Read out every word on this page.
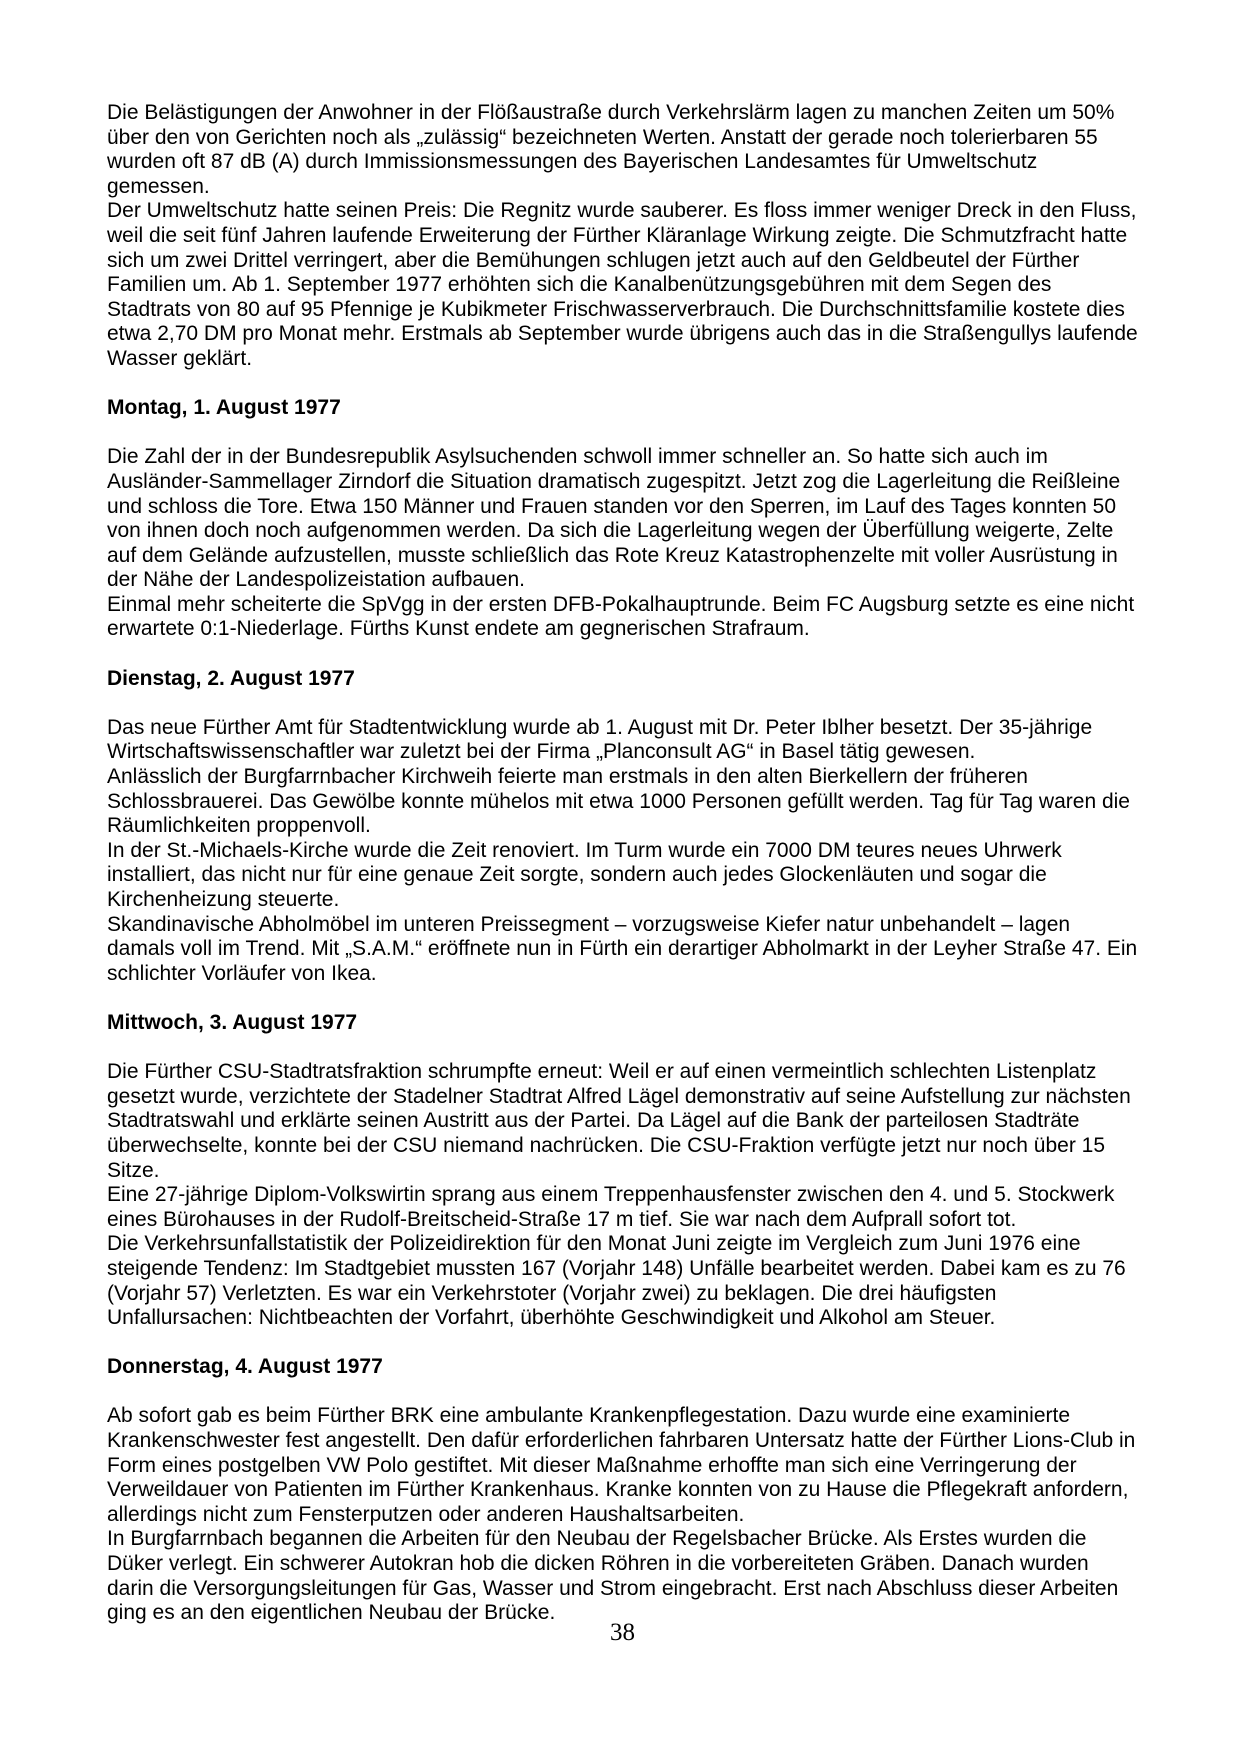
Die Belästigungen der Anwohner in der Flößaustraße durch Verkehrslärm lagen zu manchen Zeiten um 50% über den von Gerichten noch als „zulässig“ bezeichneten Werten. Anstatt der gerade noch tolerierbaren 55 wurden oft 87 dB (A) durch Immissionsmessungen des Bayerischen Landesamtes für Umweltschutz gemessen.
Der Umweltschutz hatte seinen Preis: Die Regnitz wurde sauberer. Es floss immer weniger Dreck in den Fluss, weil die seit fünf Jahren laufende Erweiterung der Fürther Kläranlage Wirkung zeigte. Die Schmutzfracht hatte sich um zwei Drittel verringert, aber die Bemühungen schlugen jetzt auch auf den Geldbeutel der Fürther Familien um. Ab 1. September 1977 erhöhten sich die Kanalbenützungsgebühren mit dem Segen des Stadtrats von 80 auf 95 Pfennige je Kubikmeter Frischwasserverbrauch. Die Durchschnittsfamilie kostete dies etwa 2,70 DM pro Monat mehr. Erstmals ab September wurde übrigens auch das in die Straßengullys laufende Wasser geklärt.
Montag, 1. August 1977
Die Zahl der in der Bundesrepublik Asylsuchenden schwoll immer schneller an. So hatte sich auch im Ausländer-Sammellager Zirndorf die Situation dramatisch zugespitzt. Jetzt zog die Lagerleitung die Reißleine und schloss die Tore. Etwa 150 Männer und Frauen standen vor den Sperren, im Lauf des Tages konnten 50 von ihnen doch noch aufgenommen werden. Da sich die Lagerleitung wegen der Überfüllung weigerte, Zelte auf dem Gelände aufzustellen, musste schließlich das Rote Kreuz Katastrophenzelte mit voller Ausrüstung in der Nähe der Landespolizeistation aufbauen.
Einmal mehr scheiterte die SpVgg in der ersten DFB-Pokalhauptrunde. Beim FC Augsburg setzte es eine nicht erwartete 0:1-Niederlage. Fürths Kunst endete am gegnerischen Strafraum.
Dienstag, 2. August 1977
Das neue Fürther Amt für Stadtentwicklung wurde ab 1. August mit Dr. Peter Iblher besetzt. Der 35-jährige Wirtschaftswissenschaftler war zuletzt bei der Firma „Planconsult AG“ in Basel tätig gewesen.
Anlässlich der Burgfarrnbacher Kirchweih feierte man erstmals in den alten Bierkellern der früheren Schlossbrauerei. Das Gewölbe konnte mühelos mit etwa 1000 Personen gefüllt werden. Tag für Tag waren die Räumlichkeiten proppenvoll.
In der St.-Michaels-Kirche wurde die Zeit renoviert. Im Turm wurde ein 7000 DM teures neues Uhrwerk installiert, das nicht nur für eine genaue Zeit sorgte, sondern auch jedes Glockenläuten und sogar die Kirchenheizung steuerte.
Skandinavische Abholmöbel im unteren Preissegment – vorzugsweise Kiefer natur unbehandelt – lagen damals voll im Trend. Mit „S.A.M.“ eröffnete nun in Fürth ein derartiger Abholmarkt in der Leyher Straße 47. Ein schlichter Vorläufer von Ikea.
Mittwoch, 3. August 1977
Die Fürther CSU-Stadtratsfraktion schrumpfte erneut: Weil er auf einen vermeintlich schlechten Listenplatz gesetzt wurde, verzichtete der Stadelner Stadtrat Alfred Lägel demonstrativ auf seine Aufstellung zur nächsten Stadtratswahl und erklärte seinen Austritt aus der Partei. Da Lägel auf die Bank der parteilosen Stadträte überwechselte, konnte bei der CSU niemand nachrücken. Die CSU-Fraktion verfügte jetzt nur noch über 15 Sitze.
Eine 27-jährige Diplom-Volkswirtin sprang aus einem Treppenhausfenster zwischen den 4. und 5. Stockwerk eines Bürohauses in der Rudolf-Breitscheid-Straße 17 m tief. Sie war nach dem Aufprall sofort tot.
Die Verkehrsunfallstatistik der Polizeidirektion für den Monat Juni zeigte im Vergleich zum Juni 1976 eine steigende Tendenz: Im Stadtgebiet mussten 167 (Vorjahr 148) Unfälle bearbeitet werden. Dabei kam es zu 76 (Vorjahr 57) Verletzten. Es war ein Verkehrstoter (Vorjahr zwei) zu beklagen. Die drei häufigsten Unfallursachen: Nichtbeachten der Vorfahrt, überhöhte Geschwindigkeit und Alkohol am Steuer.
Donnerstag, 4. August 1977
Ab sofort gab es beim Fürther BRK eine ambulante Krankenpflegestation. Dazu wurde eine examinierte Krankenschwester fest angestellt. Den dafür erforderlichen fahrbaren Untersatz hatte der Fürther Lions-Club in Form eines postgelben VW Polo gestiftet. Mit dieser Maßnahme erhoffte man sich eine Verringerung der Verweildauer von Patienten im Fürther Krankenhaus. Kranke konnten von zu Hause die Pflegekraft anfordern, allerdings nicht zum Fensterputzen oder anderen Haushaltsarbeiten.
In Burgfarrnbach begannen die Arbeiten für den Neubau der Regelsbacher Brücke. Als Erstes wurden die Düker verlegt. Ein schwerer Autokran hob die dicken Röhren in die vorbereiteten Gräben. Danach wurden darin die Versorgungsleitungen für Gas, Wasser und Strom eingebracht. Erst nach Abschluss dieser Arbeiten ging es an den eigentlichen Neubau der Brücke.
38
